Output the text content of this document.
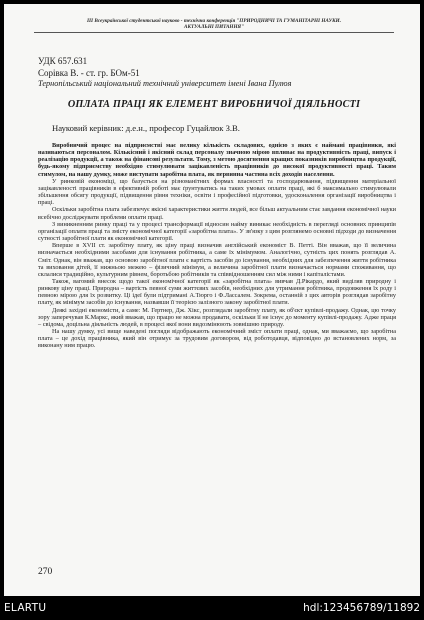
ІІІ Всеукраїнської студентської науково - технічна конференція "ПРИРОДНИЧІ ТА ГУМАНІТАРНІ НАУКИ.
АКТУАЛЬНІ ПИТАННЯ"
УДК 657.631
Сорівка В. - ст. гр. БОм-51
Тернопільський національний технічний університет імені Івана Пулюя
ОПЛАТА ПРАЦІ ЯК ЕЛЕМЕНТ ВИРОБНИЧОЇ ДІЯЛЬНОСТІ
Науковий керівник: д.е.н., професор Гуцайлюк З.В.

Виробничий процес на підприємстві має велику кількість складових, однією з яких є наймані працівники, які називаються персоналом. Кількісний і якісний склад персоналу значною мірою впливає на продуктивність праці, випуск і реалізацію продукції, а також на фінансові результати. Тому, з метою досягнення кращих показників виробництва продукції, будь-якому підприємству необхідно стимулювати зацікавленість працівників до високої продуктивності праці. Таким стимулом, на нашу думку, може виступати заробітна плата, як первинна частина всіх доходів населення.

У ринковій економіці, що базується на різноманітних формах власності та господарювання, підвищення матеріальної зацікавленості працівників в ефективній роботі має ґрунтуватись на таких умовах оплати праці, які б максимально стимулювали збільшення обсягу продукції, підвищення рівня техніки, освіти і професійної підготовки, удосконалення організації виробництва і праці.

Оскільки заробітна плата забезпечує якісні характеристики життя людей, все більш актуальним стає завдання економічної науки всебічно досліджувати проблеми оплати праці.

З виникненням ринку праці та у процесі трансформації відносин найму виникає необхідність в перегляді основних принципів організації оплати праці та змісту економічної категорії «заробітна плата». У зв'язку з цим розглянемо основні підходи до визначення сутності заробітної плати як економічної категорії.

Вперше в XVII ст. заробітну плату, як ціну праці визначив англійський економіст В. Петті. Він вважав, що її величина визначається необхідними засобами для існування робітника, а саме їх мінімумом. Аналогічно, сутність цих понять розглядав А. Сміт. Однак, він вважав, що основою заробітної плати є вартість засобів до існування, необхідних для забезпечення життя робітника та виховання дітей, її нижньою межею – фізичний мінімум, а величина заробітної плати визначається нормами споживання, що склалися традиційно, культурним рівнем, боротьбою робітників та співвідношенням сил між ними і капіталістами.

Також, вагомий внесок щодо такої економічної категорії як «заробітна плата» вивчав Д.Рікардо, який виділяв природну і ринкову ціну праці. Природна – вартість певної суми життєвих засобів, необхідних для утримання робітника, продовження їх роду і певною мірою для їх розвитку. Ці ідеї були підтримані А.Тюрго і Ф.Лассалем. Зокрема, останній з цих авторів розглядав заробітну плату, як мінімум засобів до існування, назвавши її теорією залізного закону заробітної плати.

Деякі західні економісти, а саме: М. Гертнер, Дж. Хікс, розглядали заробітну плату, як об'єкт купівлі-продажу. Однак, цю точку зору заперечував К.Маркс, який вважав, що працю не можна продавати, оскільки її не існує до моменту купівлі-продажу. Адже праця – свідома, доцільна діяльність людей, в процесі якої вони видозмінюють зовнішню природу.

На нашу думку, усі вище наведені погляди відображають економічний зміст оплати праці, однак, ми вважаємо, що заробітна плата – це дохід працівника, який він отримує за трудовим договором, від роботодавця, відповідно до встановлених норм, за виконану ним працю.

270
ELARTU	hdl:123456789/11892
